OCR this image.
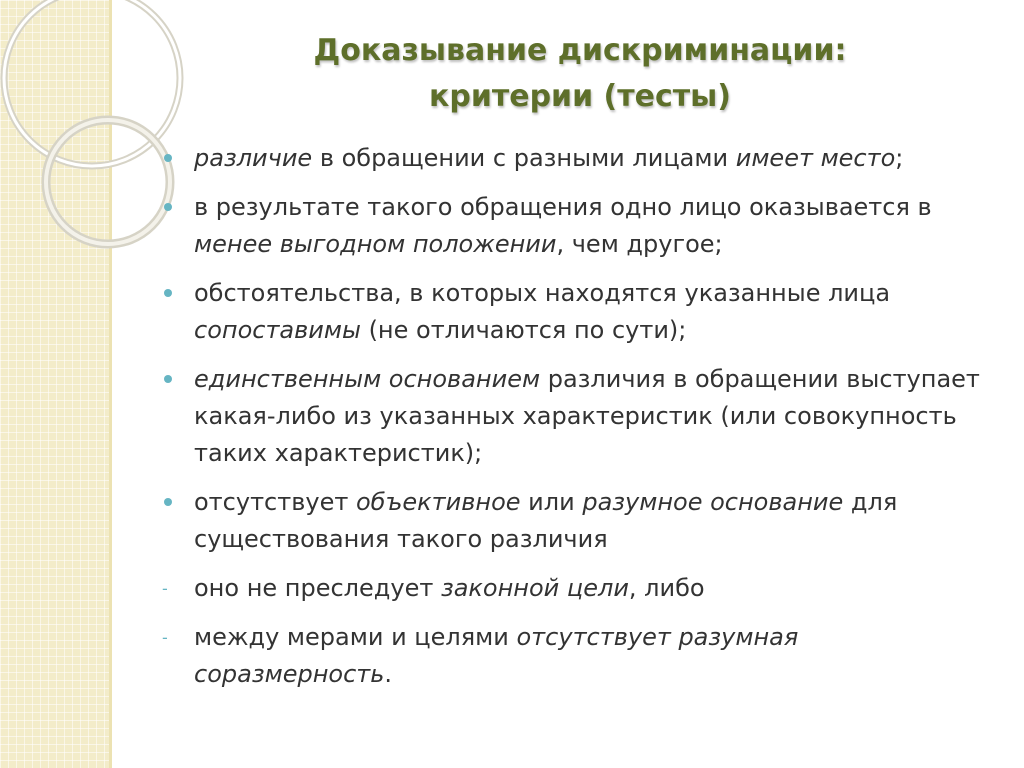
Доказывание дискриминации:
критерии (тесты)
различие в обращении с разными лицами имеет место;
в результате такого обращения одно лицо оказывается в менее выгодном положении, чем другое;
обстоятельства, в которых находятся указанные лица сопоставимы (не отличаются по сути);
единственным основанием различия в обращении выступает какая-либо из указанных характеристик (или совокупность таких характеристик);
отсутствует объективное или разумное основание для существования такого различия
- оно не преследует законной цели, либо
- между мерами и целями отсутствует разумная соразмерность.
